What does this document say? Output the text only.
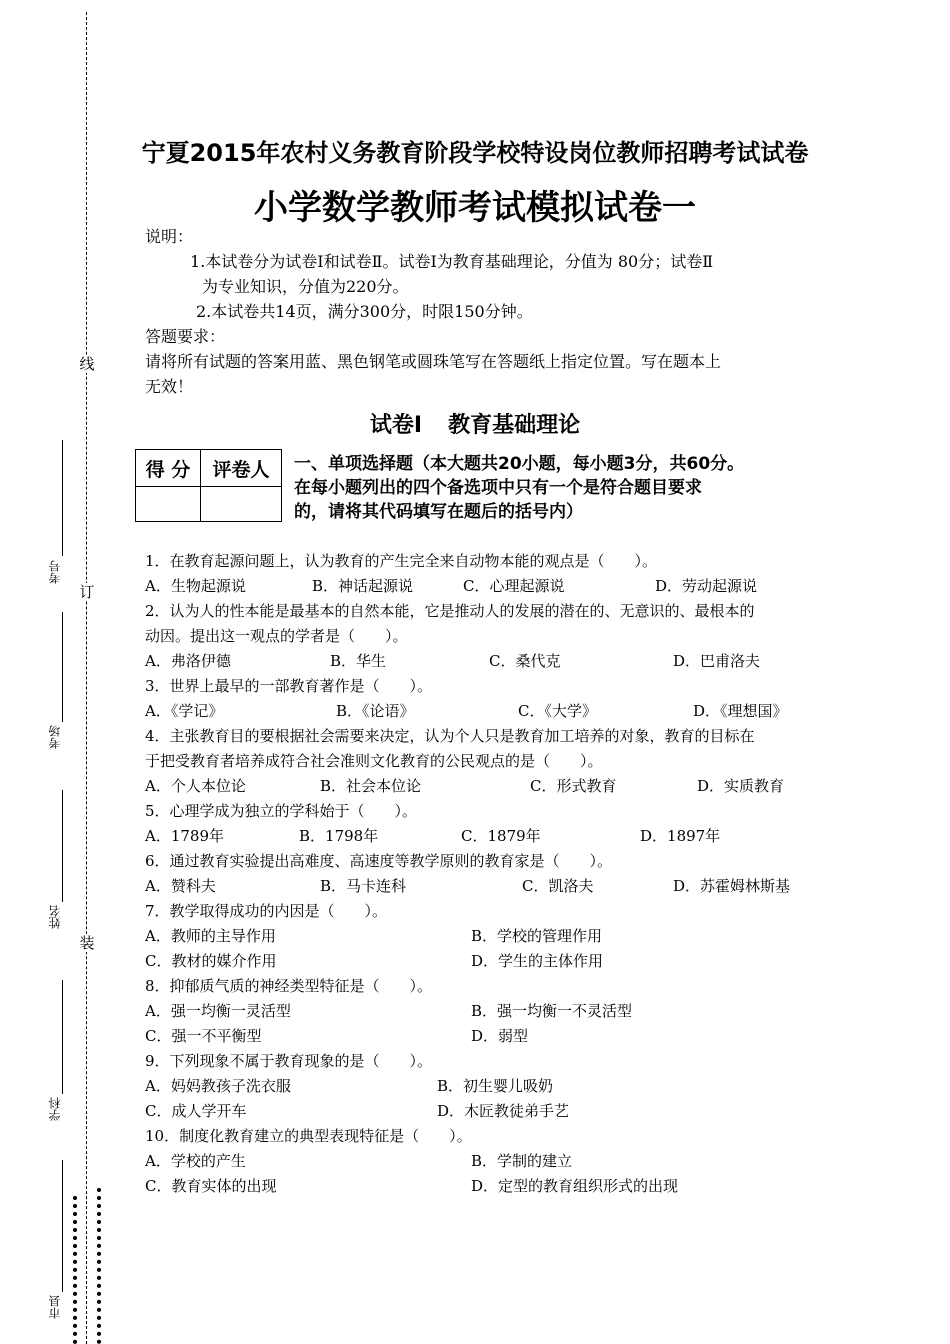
线
订
装
考号
考场
姓名
学科
市县
宁夏2015年农村义务教育阶段学校特设岗位教师招聘考试试卷
小学数学教师考试模拟试卷一
说明：
1.本试卷分为试卷Ⅰ和试卷Ⅱ。试卷Ⅰ为教育基础理论，分值为 80分；试卷Ⅱ
为专业知识，分值为220分。
2.本试卷共14页，满分300分，时限150分钟。
答题要求：
请将所有试题的答案用蓝、黑色钢笔或圆珠笔写在答题纸上指定位置。写在题本上
无效！
试卷Ⅰ 教育基础理论
得 分	评卷人
	一、单项选择题（本大题共20小题，每小题3分，共60分。
在每小题列出的四个备选项中只有一个是符合题目要求
的，请将其代码填写在题后的括号内）
1．在教育起源问题上，认为教育的产生完全来自动物本能的观点是（　　）。
A．生物起源说	B．神话起源说	C．心理起源说	D．劳动起源说
2．认为人的性本能是最基本的自然本能，它是推动人的发展的潜在的、无意识的、最根本的
动因。提出这一观点的学者是（　　）。
A．弗洛伊德	B．华生	C．桑代克	D．巴甫洛夫
3．世界上最早的一部教育著作是（　　）。
A．《学记》	B．《论语》	C．《大学》	D．《理想国》
4．主张教育目的要根据社会需要来决定，认为个人只是教育加工培养的对象，教育的目标在
于把受教育者培养成符合社会准则文化教育的公民观点的是（　　）。
A．个人本位论	B．社会本位论	C．形式教育	D．实质教育
5．心理学成为独立的学科始于（　　）。
A．1789年	B．1798年	C．1879年	D．1897年
6．通过教育实验提出高难度、高速度等教学原则的教育家是（　　）。
A．赞科夫	B．马卡连科	C．凯洛夫	D．苏霍姆林斯基
7．教学取得成功的内因是（　　）。
A．教师的主导作用	B．学校的管理作用
C．教材的媒介作用	D．学生的主体作用
8．抑郁质气质的神经类型特征是（　　）。
A．强一均衡一灵活型	B．强一均衡一不灵活型
C．强一不平衡型	D．弱型
9．下列现象不属于教育现象的是（　　）。
A．妈妈教孩子洗衣服	B．初生婴儿吸奶
C．成人学开车	D．木匠教徒弟手艺
10．制度化教育建立的典型表现特征是（　　）。
A．学校的产生	B．学制的建立
C．教育实体的出现	D．定型的教育组织形式的出现
